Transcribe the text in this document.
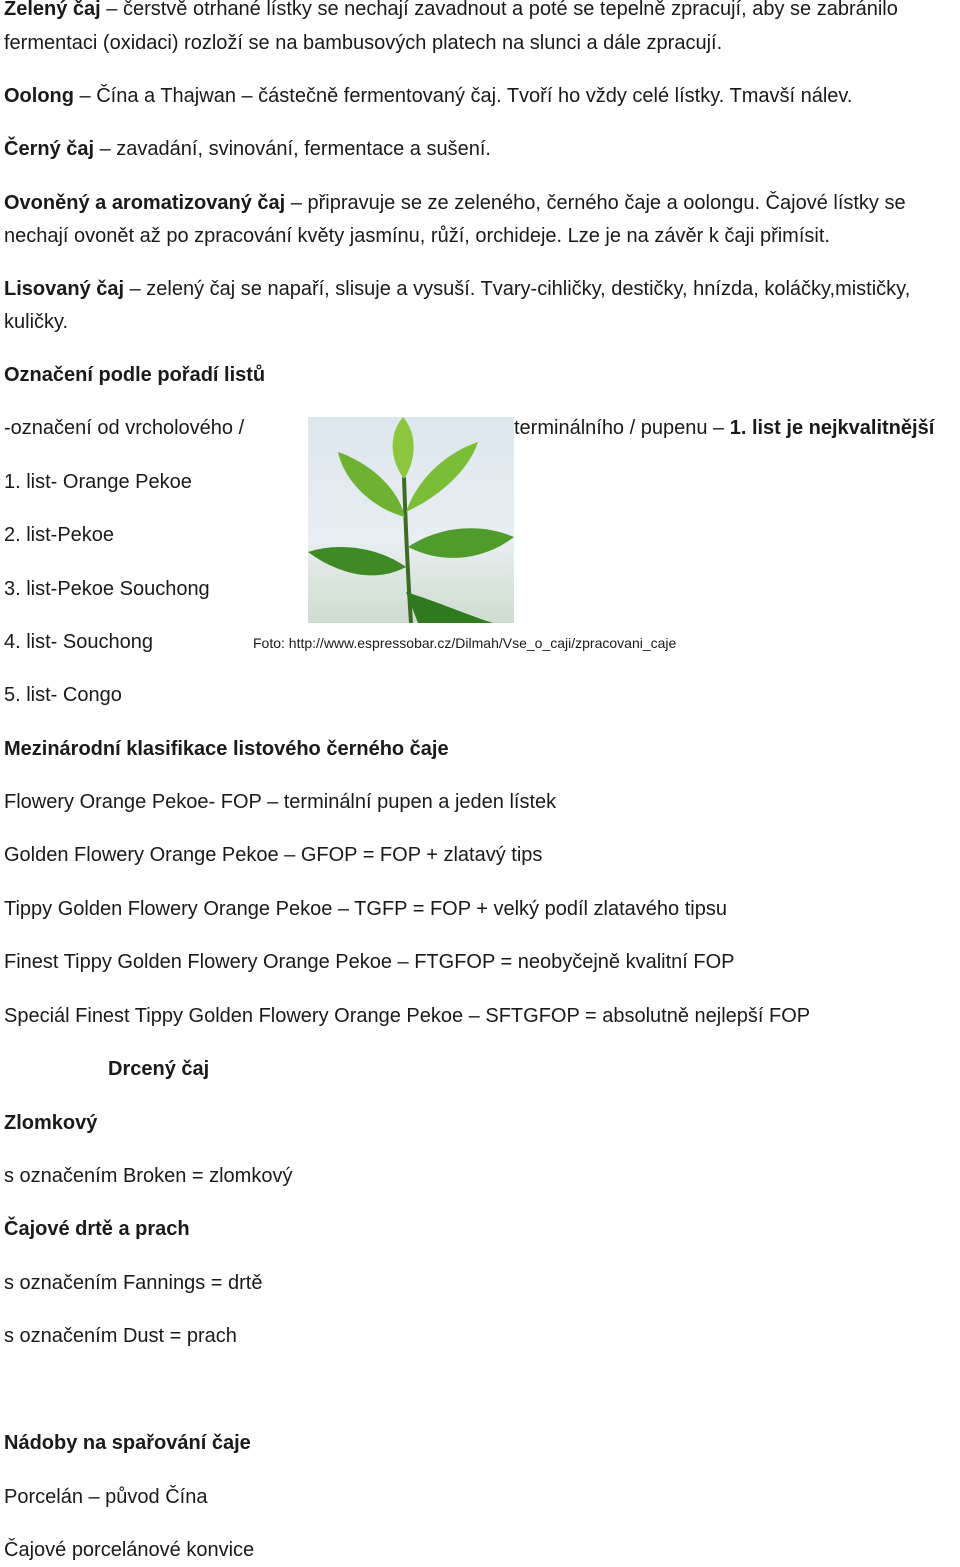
Zelený čaj – čerstvě otrhané lístky se nechají zavadnout a poté se tepelně zpracují, aby se zabránilo
fermentaci (oxidaci) rozloží se na bambusových platech na slunci a dále zpracují.
Oolong – Čína a Thajwan – částečně fermentovaný čaj. Tvoří ho vždy celé lístky. Tmavší nálev.
Černý čaj – zavadání, svinování, fermentace a sušení.
Ovoněný a aromatizovaný čaj – připravuje se ze zeleného, černého čaje a oolongu. Čajové lístky se
nechají ovonět až po zpracování květy jasmínu, růží, orchideje. Lze je na závěr k čaji přimísit.
Lisovaný čaj – zelený čaj se napaří, slisuje a vysuší. Tvary-cihličky, destičky, hnízda, koláčky,mističky,
kuličky.
Označení podle pořadí listů
-označení od vrcholového /	terminálního / pupenu – 1. list je nejkvalitnější
1. list- Orange Pekoe
2. list-Pekoe
3. list-Pekoe Souchong
4. list- Souchong	Foto: http://www.espressobar.cz/Dilmah/Vse_o_caji/zpracovani_caje
5. list- Congo
Mezinárodní klasifikace listového černého čaje
Flowery Orange Pekoe- FOP – terminální pupen a jeden lístek
Golden Flowery Orange Pekoe – GFOP = FOP + zlatavý tips
Tippy Golden Flowery Orange Pekoe – TGFP = FOP + velký podíl zlatavého tipsu
Finest Tippy Golden Flowery Orange Pekoe – FTGFOP = neobyčejně kvalitní FOP
Speciál Finest Tippy Golden Flowery Orange Pekoe – SFTGFOP = absolutně nejlepší FOP
Drcený čaj
Zlomkový
s označením Broken = zlomkový
Čajové drtě a prach
s označením Fannings = drtě
s označením Dust = prach
Nádoby na spařování čaje
Porcelán – původ Čína
Čajové porcelánové konvice
